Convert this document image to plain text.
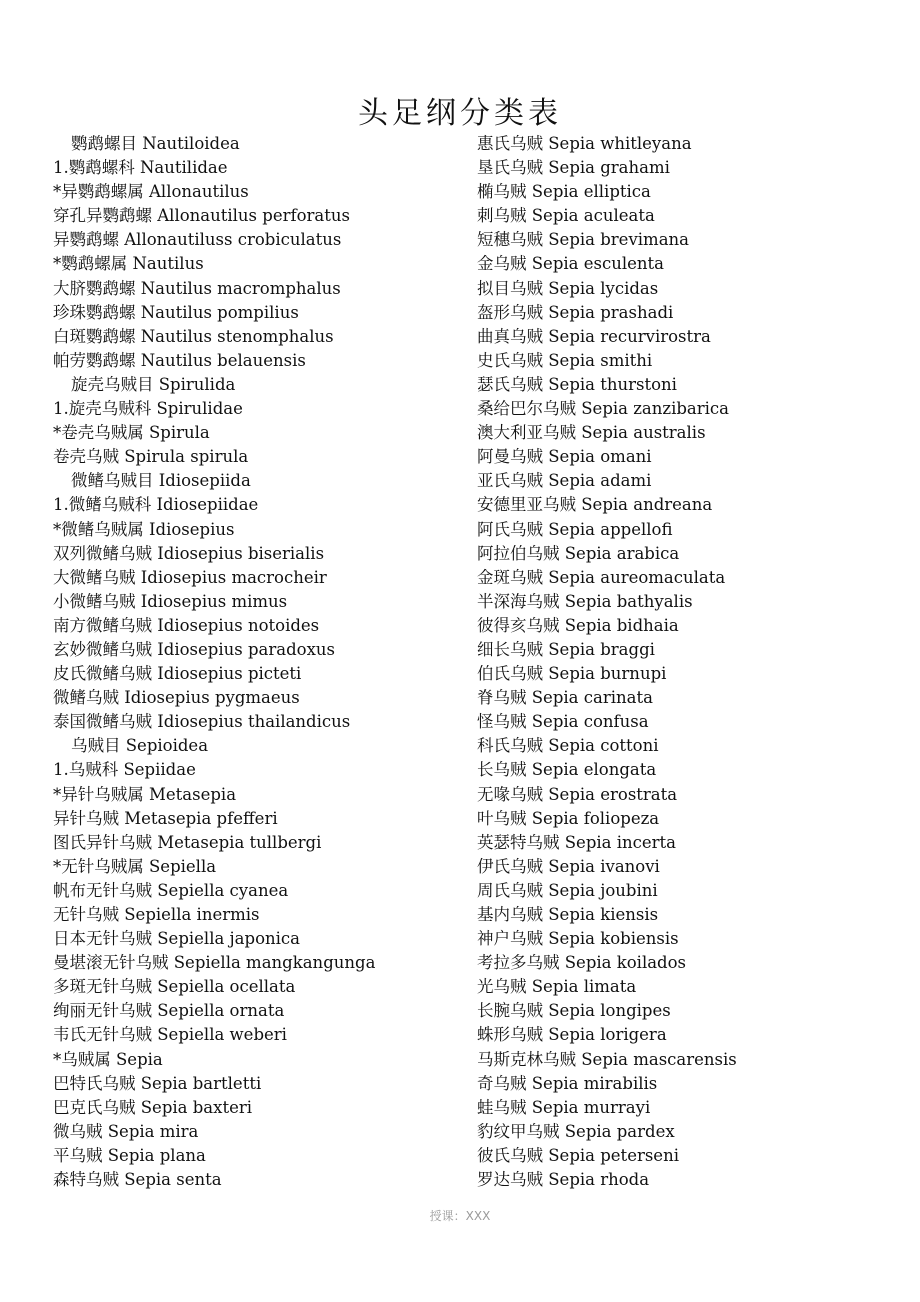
头足纲分类表
鹦鹉螺目 Nautiloidea
1.鹦鹉螺科 Nautilidae
*异鹦鹉螺属 Allonautilus
穿孔异鹦鹉螺 Allonautilus perforatus
异鹦鹉螺 Allonautiluss crobiculatus
*鹦鹉螺属 Nautilus
大脐鹦鹉螺 Nautilus macromphalus
珍珠鹦鹉螺 Nautilus pompilius
白斑鹦鹉螺 Nautilus stenomphalus
帕劳鹦鹉螺 Nautilus belauensis
旋壳乌贼目 Spirulida
1.旋壳乌贼科 Spirulidae
*卷壳乌贼属 Spirula
卷壳乌贼 Spirula spirula
微鳍乌贼目 Idiosepiida
1.微鳍乌贼科 Idiosepiidae
*微鳍乌贼属 Idiosepius
双列微鳍乌贼 Idiosepius biserialis
大微鳍乌贼 Idiosepius macrocheir
小微鳍乌贼 Idiosepius mimus
南方微鳍乌贼 Idiosepius notoides
玄妙微鳍乌贼 Idiosepius paradoxus
皮氏微鳍乌贼 Idiosepius picteti
微鳍乌贼 Idiosepius pygmaeus
泰国微鳍乌贼 Idiosepius thailandicus
乌贼目 Sepioidea
1.乌贼科 Sepiidae
*异针乌贼属 Metasepia
异针乌贼 Metasepia pfefferi
图氏异针乌贼 Metasepia tullbergi
*无针乌贼属 Sepiella
帆布无针乌贼 Sepiella cyanea
无针乌贼 Sepiella inermis
日本无针乌贼 Sepiella japonica
曼堪滚无针乌贼 Sepiella mangkangunga
多斑无针乌贼 Sepiella ocellata
绚丽无针乌贼 Sepiella ornata
韦氏无针乌贼 Sepiella weberi
*乌贼属 Sepia
巴特氏乌贼 Sepia bartletti
巴克氏乌贼 Sepia baxteri
微乌贼 Sepia mira
平乌贼 Sepia plana
森特乌贼 Sepia senta
惠氏乌贼 Sepia whitleyana
垦氏乌贼 Sepia grahami
椭乌贼 Sepia elliptica
刺乌贼 Sepia aculeata
短穗乌贼 Sepia brevimana
金乌贼 Sepia esculenta
拟目乌贼 Sepia lycidas
盔形乌贼 Sepia prashadi
曲真乌贼 Sepia recurvirostra
史氏乌贼 Sepia smithi
瑟氏乌贼 Sepia thurstoni
桑给巴尔乌贼 Sepia zanzibarica
澳大利亚乌贼 Sepia australis
阿曼乌贼 Sepia omani
亚氏乌贼 Sepia adami
安德里亚乌贼 Sepia andreana
阿氏乌贼 Sepia appellofi
阿拉伯乌贼 Sepia arabica
金斑乌贼 Sepia aureomaculata
半深海乌贼 Sepia bathyalis
彼得亥乌贼 Sepia bidhaia
细长乌贼 Sepia braggi
伯氏乌贼 Sepia burnupi
脊乌贼 Sepia carinata
怪乌贼 Sepia confusa
科氏乌贼 Sepia cottoni
长乌贼 Sepia elongata
无喙乌贼 Sepia erostrata
叶乌贼 Sepia foliopeza
英瑟特乌贼 Sepia incerta
伊氏乌贼 Sepia ivanovi
周氏乌贼 Sepia joubini
基内乌贼 Sepia kiensis
神户乌贼 Sepia kobiensis
考拉多乌贼 Sepia koilados
光乌贼 Sepia limata
长腕乌贼 Sepia longipes
蛛形乌贼 Sepia lorigera
马斯克林乌贼 Sepia mascarensis
奇乌贼 Sepia mirabilis
蛙乌贼 Sepia murrayi
豹纹甲乌贼 Sepia pardex
彼氏乌贼 Sepia peterseni
罗达乌贼 Sepia rhoda
授课：XXX
